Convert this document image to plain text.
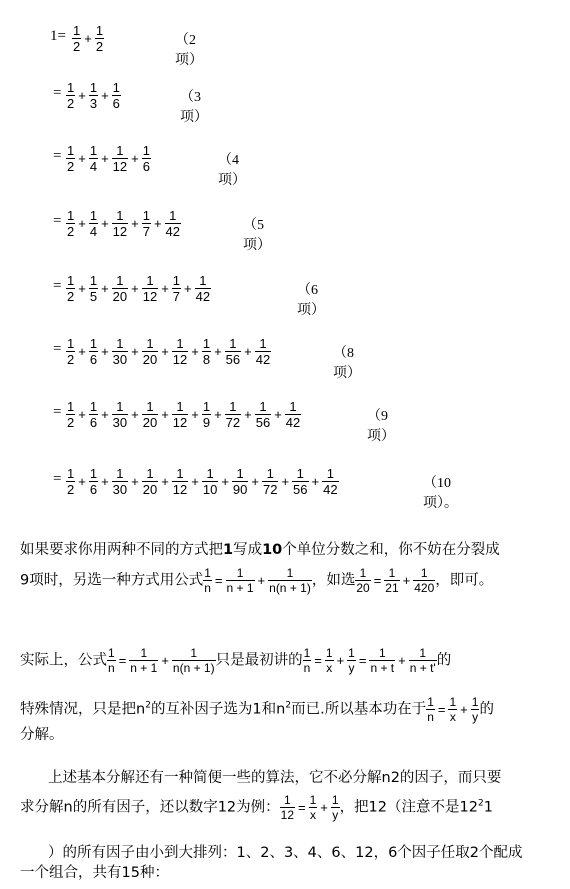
$1= \frac{1}{2} + \frac{1}{2}$	（2项）
= $\frac{1}{2} + \frac{1}{3} + \frac{1}{6}$	（3项）
= $\frac{1}{2} + \frac{1}{4} + \frac{1}{12} + \frac{1}{6}$	（4项）
= $\frac{1}{2} + \frac{1}{4} + \frac{1}{12} + \frac{1}{7} + \frac{1}{42}$	（5项）
= $\frac{1}{2} + \frac{1}{5} + \frac{1}{20} + \frac{1}{12} + \frac{1}{7} + \frac{1}{42}$	（6项）
= $\frac{1}{2} + \frac{1}{6} + \frac{1}{30} + \frac{1}{20} + \frac{1}{12} + \frac{1}{8} + \frac{1}{56} + \frac{1}{42}$	（8项）
= $\frac{1}{2} + \frac{1}{6} + \frac{1}{30} + \frac{1}{20} + \frac{1}{12} + \frac{1}{9} + \frac{1}{72} + \frac{1}{56} + \frac{1}{42}$	（9项）
= $\frac{1}{2} + \frac{1}{6} + \frac{1}{30} + \frac{1}{20} + \frac{1}{12} + \frac{1}{10} + \frac{1}{90} + \frac{1}{72} + \frac{1}{56} + \frac{1}{42}$	（10项）。
如果要求你用两种不同的方式把1写成10个单位分数之和，你不妨在分裂成
9项时，另选一种方式用公式 $\frac{1}{n} = \frac{1}{n + 1} + \frac{1}{n(n + 1)}$ ，如选 $\frac{1}{20} = \frac{1}{21} + \frac{1}{420}$ ，即可。
实际上，公式 $\frac{1}{n} = \frac{1}{n + 1} + \frac{1}{n(n + 1)}$ 只是最初讲的 $\frac{1}{n} = \frac{1}{x} + \frac{1}{y} = \frac{1}{n + t} + \frac{1}{n + t'}$ 的
特殊情况，只是把$n^2$的互补因子选为1和$n^2$而已.所以基本功在于 $\frac{1}{n} = \frac{1}{x} + \frac{1}{y}$ 的
分解。
上述基本分解还有一种简便一些的算法，它不必分解n2的因子，而只要
求分解n的所有因子，还以数字12为例： $\frac{1}{12} = \frac{1}{x} + \frac{1}{y}$ ，把12（注意不是$12^21$
）的所有因子由小到大排列：1、2、3、4、6、12，6个因子任取2个配成
一个组合，共有15种：
